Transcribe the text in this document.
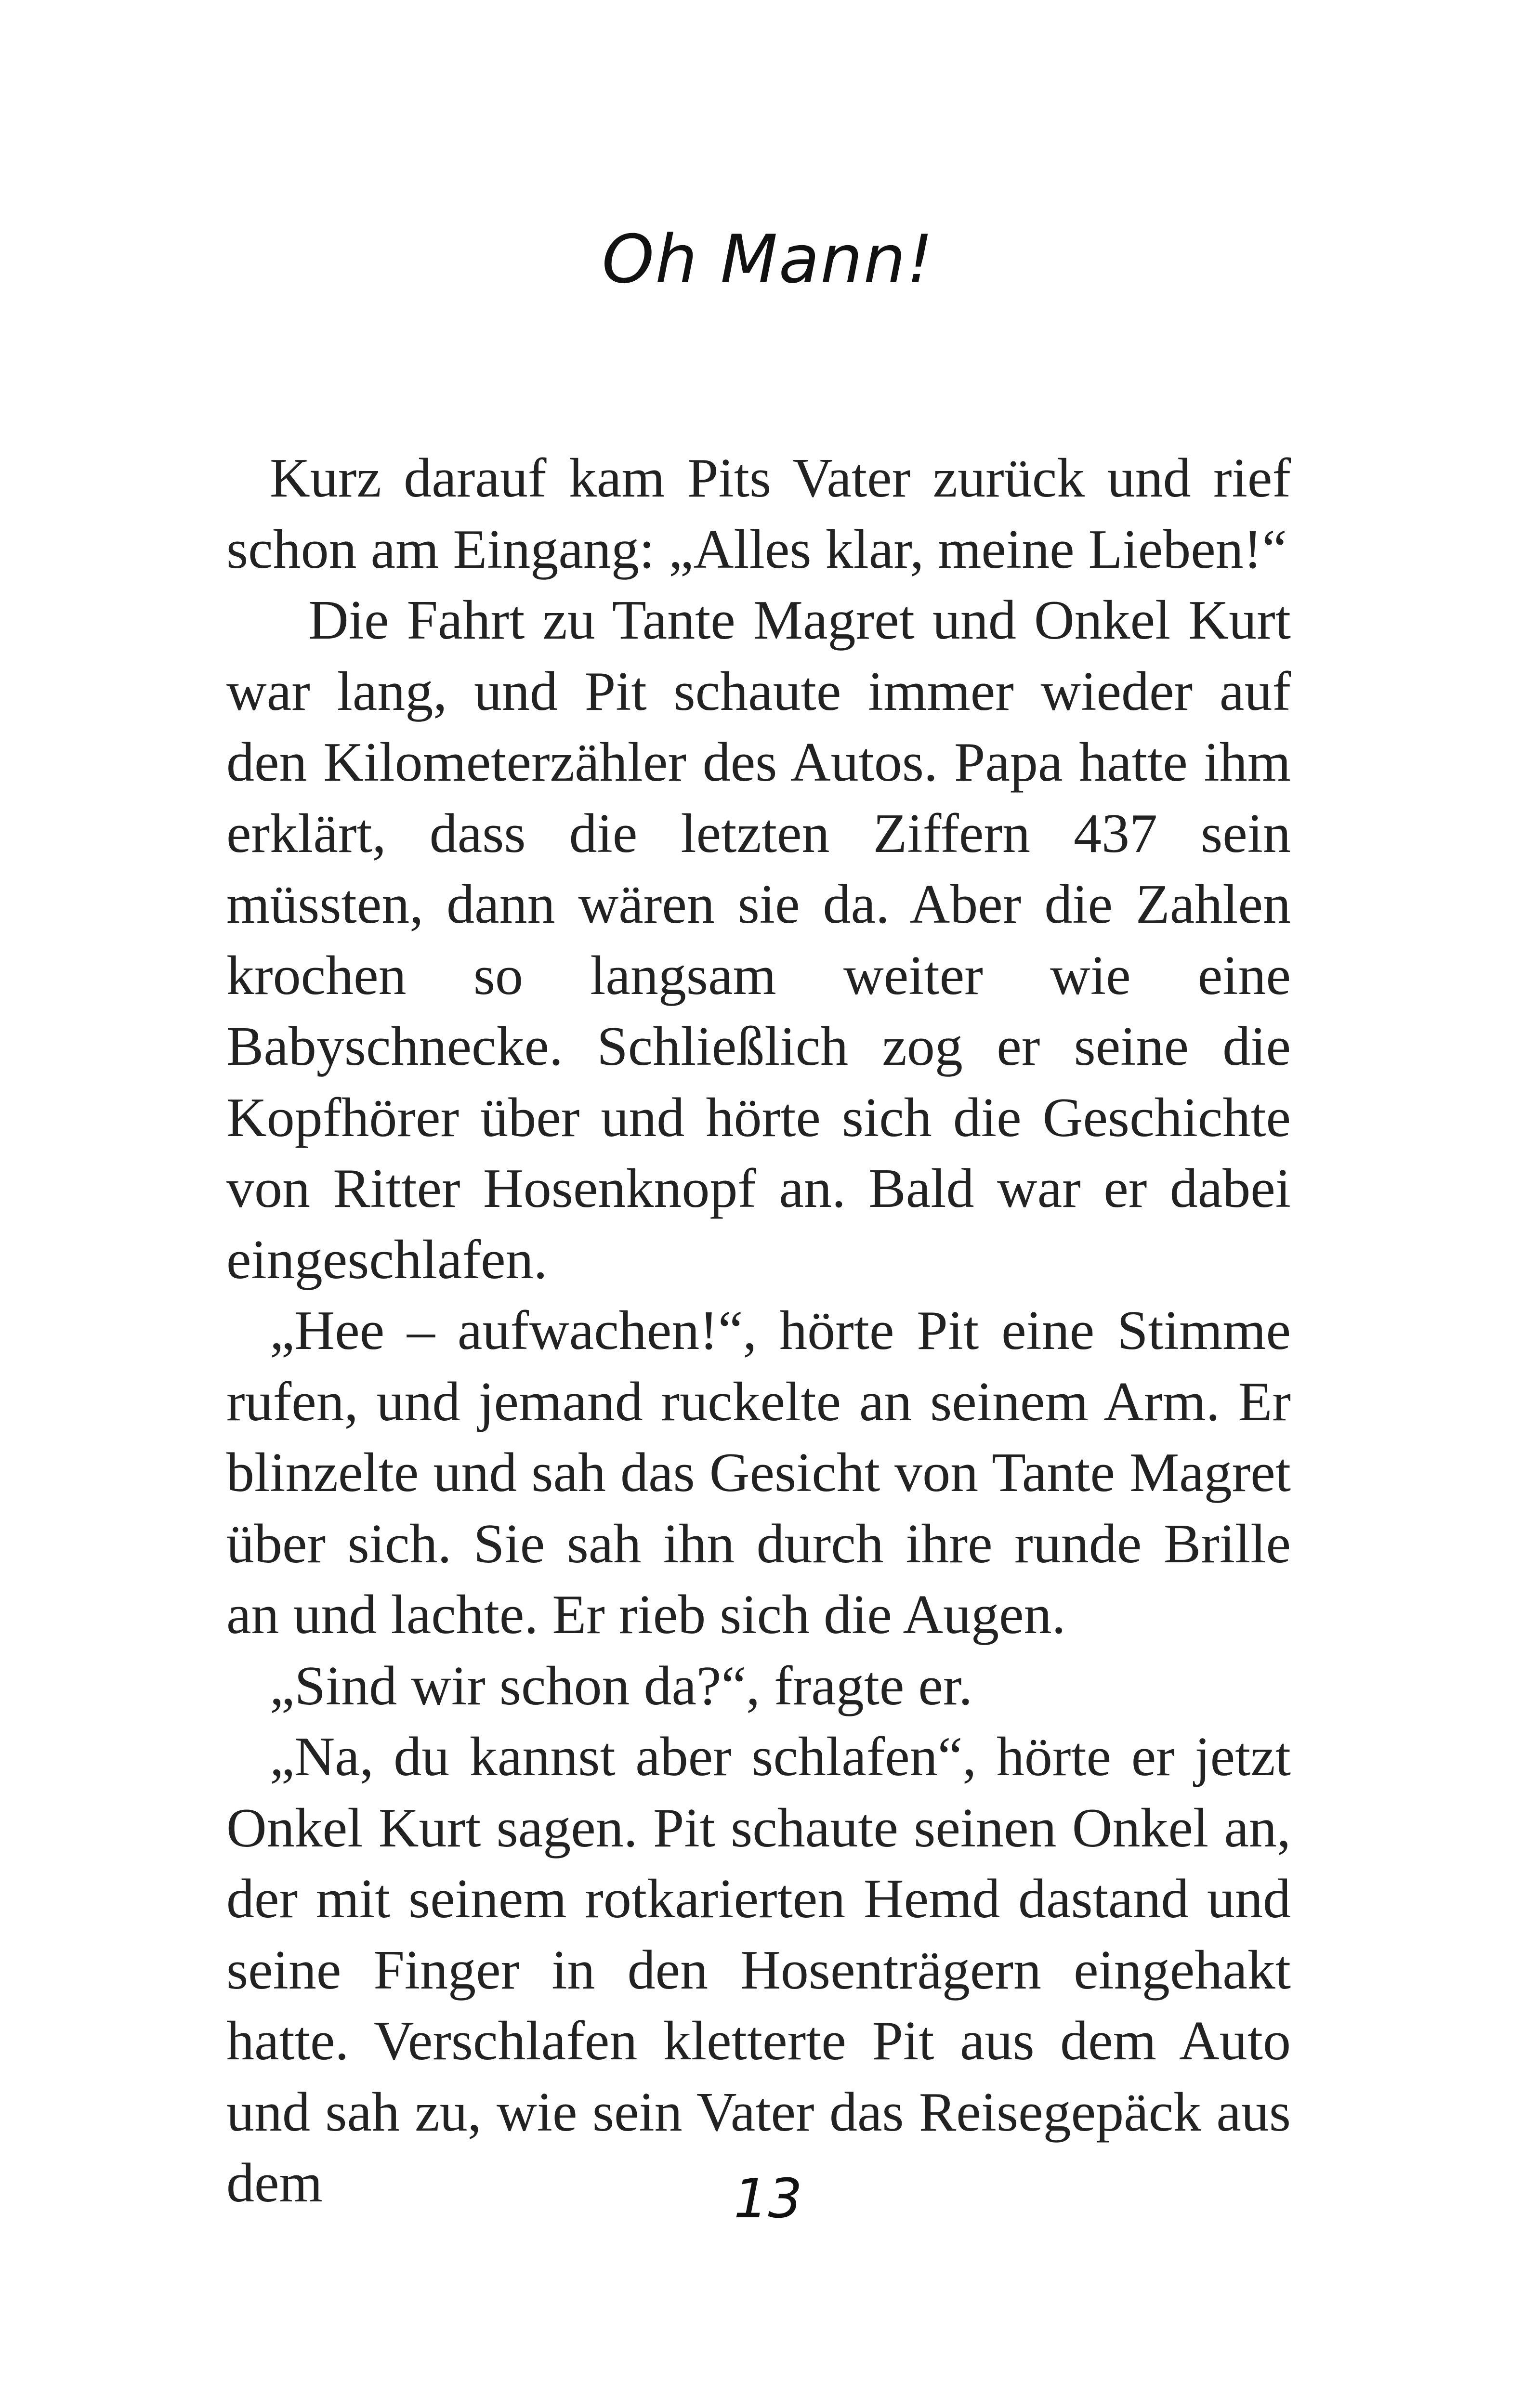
Oh Mann!

Kurz darauf kam Pits Vater zurück und rief schon am Eingang: „Alles klar, meine Lieben!“

Die Fahrt zu Tante Magret und Onkel Kurt war lang, und Pit schaute immer wieder auf den Kilometerzähler des Autos. Papa hatte ihm erklärt, dass die letzten Ziffern 437 sein müssten, dann wären sie da. Aber die Zahlen krochen so langsam weiter wie eine Babyschnecke. Schließlich zog er seine die Kopfhörer über und hörte sich die Geschichte von Ritter Hosenknopf an. Bald war er dabei eingeschlafen.

„Hee – aufwachen!“, hörte Pit eine Stimme rufen, und jemand ruckelte an seinem Arm. Er blinzelte und sah das Gesicht von Tante Magret über sich. Sie sah ihn durch ihre runde Brille an und lachte. Er rieb sich die Augen.

„Sind wir schon da?“, fragte er.

„Na, du kannst aber schlafen“, hörte er jetzt Onkel Kurt sagen. Pit schaute seinen Onkel an, der mit seinem rotkarierten Hemd dastand und seine Finger in den Hosenträgern eingehakt hatte. Verschlafen kletterte Pit aus dem Auto und sah zu, wie sein Vater das Reisegepäck aus dem	13
